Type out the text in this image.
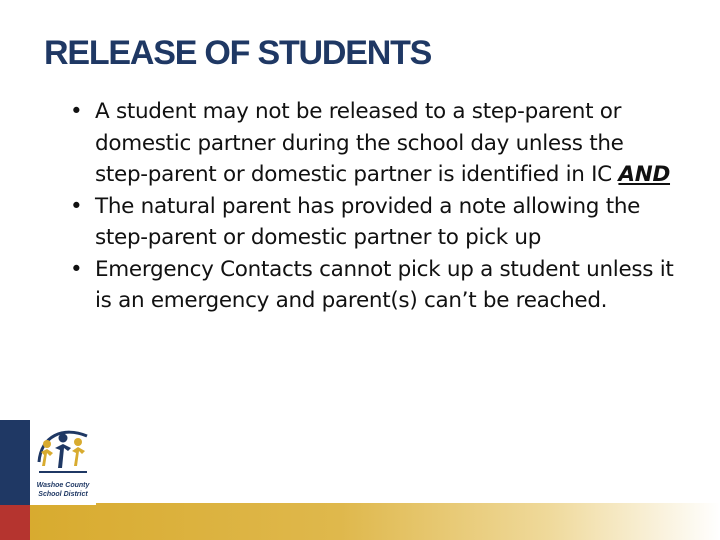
RELEASE OF STUDENTS
• A student may not be released to a step-parent or domestic partner during the school day unless the step-parent or domestic partner is identified in IC AND
• The natural parent has provided a note allowing the step-parent or domestic partner to pick up
• Emergency Contacts cannot pick up a student unless it is an emergency and parent(s) can’t be reached.
Washoe County
School District
